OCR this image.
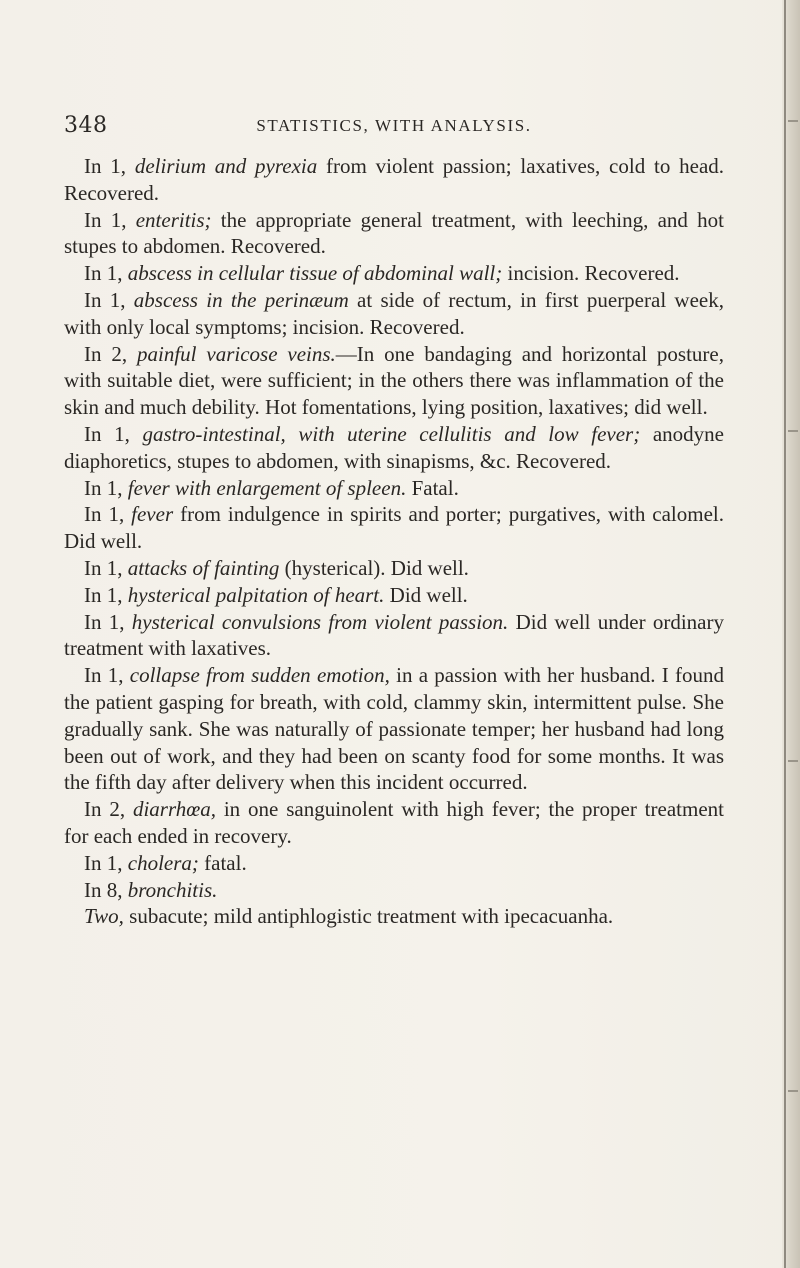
348	STATISTICS, WITH ANALYSIS.

In 1, delirium and pyrexia from violent passion; laxatives, cold to head. Recovered.

In 1, enteritis; the appropriate general treatment, with leeching, and hot stupes to abdomen. Recovered.

In 1, abscess in cellular tissue of abdominal wall; incision. Recovered.

In 1, abscess in the perinæum at side of rectum, in first puerperal week, with only local symptoms; incision. Recovered.

In 2, painful varicose veins.—In one bandaging and horizontal posture, with suitable diet, were sufficient; in the others there was inflammation of the skin and much debility. Hot fomentations, lying position, laxatives; did well.

In 1, gastro-intestinal, with uterine cellulitis and low fever; anodyne diaphoretics, stupes to abdomen, with sinapisms, &c. Recovered.

In 1, fever with enlargement of spleen. Fatal.

In 1, fever from indulgence in spirits and porter; purgatives, with calomel. Did well.

In 1, attacks of fainting (hysterical). Did well.

In 1, hysterical palpitation of heart. Did well.

In 1, hysterical convulsions from violent passion. Did well under ordinary treatment with laxatives.

In 1, collapse from sudden emotion, in a passion with her husband. I found the patient gasping for breath, with cold, clammy skin, intermittent pulse. She gradually sank. She was naturally of passionate temper; her husband had long been out of work, and they had been on scanty food for some months. It was the fifth day after delivery when this incident occurred.

In 2, diarrhœa, in one sanguinolent with high fever; the proper treatment for each ended in recovery.

In 1, cholera; fatal.

In 8, bronchitis.

Two, subacute; mild antiphlogistic treatment with ipecacuanha.
